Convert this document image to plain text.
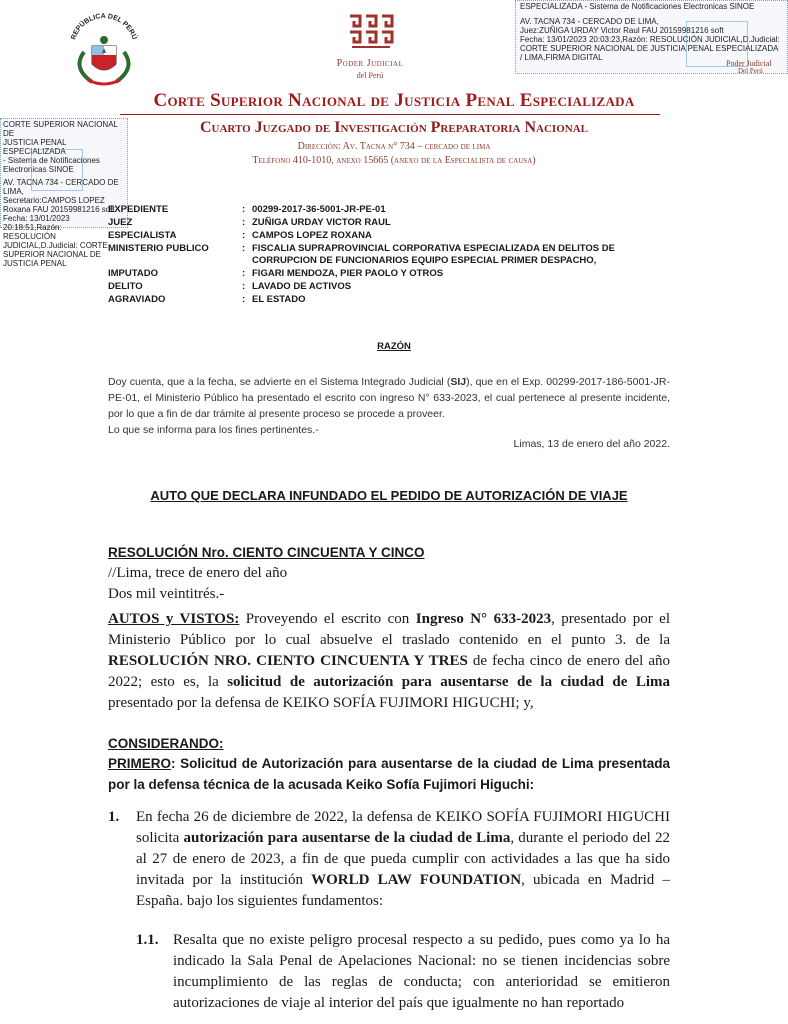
REPÚBLICA DEL PERÚ
Poder Judicial
del Perú
Corte Superior Nacional de Justicia Penal Especializada
Cuarto Juzgado de Investigación Preparatoria Nacional
Dirección: Av. Tacna n° 734 – cercado de lima
Teléfono 410-1010, anexo 15665 (anexo de la Especialista de causa)

CORTE SUPERIOR NACIONAL DE

JUSTICIA PENAL ESPECIALIZADA

- Sistema de Notificaciones

Electronicas SINOE

AV. TACNA 734 - CERCADO DE

LIMA,

Secretario:CAMPOS LOPEZ

Roxana FAU 20159981216 soft

Fecha: 13/01/2023 20:18:51,Razón:

RESOLUCIÓN

JUDICIAL,D.Judicial: CORTE

SUPERIOR NACIONAL DE

JUSTICIA PENAL

ESPECIALIZADA - Sistema de Notificaciones Electronicas SINOE

AV. TACNA 734 - CERCADO DE LIMA,

Juez:ZUÑIGA URDAY Victor Raul FAU 20159981216 soft

Fecha: 13/01/2023 20:03:23,Razón: RESOLUCIÓN JUDICIAL,D.Judicial:

CORTE SUPERIOR NACIONAL DE JUSTICIA PENAL ESPECIALIZADA

/ LIMA,FIRMA DIGITAL

Poder Judicial
Del Perú
EXPEDIENTE	: 00299-2017-36-5001-JR-PE-01
JUEZ	: ZUÑIGA URDAY VICTOR RAUL
ESPECIALISTA	: CAMPOS LOPEZ ROXANA
MINISTERIO PUBLICO	: FISCALIA SUPRAPROVINCIAL CORPORATIVA ESPECIALIZADA EN DELITOS DE CORRUPCION DE FUNCIONARIOS EQUIPO ESPECIAL PRIMER DESPACHO,
IMPUTADO	: FIGARI MENDOZA, PIER PAOLO Y OTROS
DELITO	: LAVADO DE ACTIVOS
AGRAVIADO	: EL ESTADO
RAZÓN

Doy cuenta, que a la fecha, se advierte en el Sistema Integrado Judicial (SIJ), que en el Exp. 00299-2017-186-5001-JR-PE-01, el Ministerio Público ha presentado el escrito con ingreso N° 633-2023, el cual pertenece al presente incidente, por lo que a fin de dar trámite al presente proceso se procede a proveer.

Lo que se informa para los fines pertinentes.-

Limas, 13 de enero del año 2022.
AUTO QUE DECLARA INFUNDADO EL PEDIDO DE AUTORIZACIÓN DE VIAJE
RESOLUCIÓN Nro. CIENTO CINCUENTA Y CINCO
//Lima, trece de enero del año
Dos mil veintitrés.-
AUTOS y VISTOS: Proveyendo el escrito con Ingreso N° 633-2023, presentado por el Ministerio Público por lo cual absuelve el traslado contenido en el punto 3. de la RESOLUCIÓN NRO. CIENTO CINCUENTA Y TRES de fecha cinco de enero del año 2022; esto es, la solicitud de autorización para ausentarse de la ciudad de Lima presentado por la defensa de KEIKO SOFÍA FUJIMORI HIGUCHI; y,
CONSIDERANDO:
PRIMERO: Solicitud de Autorización para ausentarse de la ciudad de Lima presentada por la defensa técnica de la acusada Keiko Sofía Fujimori Higuchi:
1. En fecha 26 de diciembre de 2022, la defensa de KEIKO SOFÍA FUJIMORI HIGUCHI solicita autorización para ausentarse de la ciudad de Lima, durante el periodo del 22 al 27 de enero de 2023, a fin de que pueda cumplir con actividades a las que ha sido invitada por la institución WORLD LAW FOUNDATION, ubicada en Madrid – España. bajo los siguientes fundamentos:
1.1. Resalta que no existe peligro procesal respecto a su pedido, pues como ya lo ha indicado la Sala Penal de Apelaciones Nacional: no se tienen incidencias sobre incumplimiento de las reglas de conducta; con anterioridad se emitieron autorizaciones de viaje al interior del país que igualmente no han reportado
